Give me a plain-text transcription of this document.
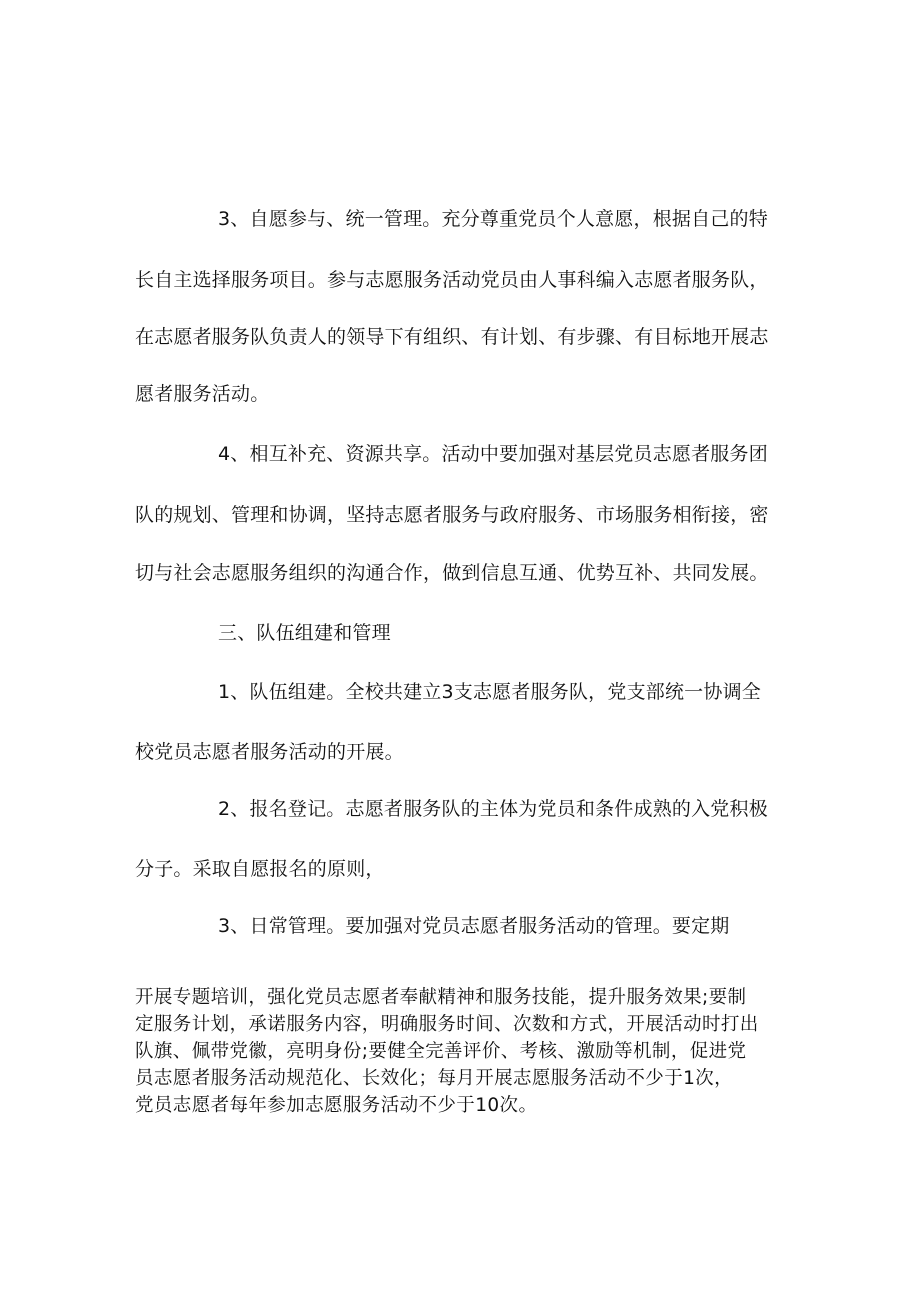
3、自愿参与、统一管理。充分尊重党员个人意愿，根据自己的特
长自主选择服务项目。参与志愿服务活动党员由人事科编入志愿者服务队，
在志愿者服务队负责人的领导下有组织、有计划、有步骤、有目标地开展志
愿者服务活动。
4、相互补充、资源共享。活动中要加强对基层党员志愿者服务团
队的规划、管理和协调，坚持志愿者服务与政府服务、市场服务相衔接，密
切与社会志愿服务组织的沟通合作，做到信息互通、优势互补、共同发展。
三、队伍组建和管理
1、队伍组建。全校共建立3支志愿者服务队，党支部统一协调全
校党员志愿者服务活动的开展。
2、报名登记。志愿者服务队的主体为党员和条件成熟的入党积极
分子。采取自愿报名的原则，
3、日常管理。要加强对党员志愿者服务活动的管理。要定期
开展专题培训，强化党员志愿者奉献精神和服务技能，提升服务效果;要制
定服务计划，承诺服务内容，明确服务时间、次数和方式，开展活动时打出
队旗、佩带党徽，亮明身份;要健全完善评价、考核、激励等机制，促进党
员志愿者服务活动规范化、长效化；每月开展志愿服务活动不少于1次，
党员志愿者每年参加志愿服务活动不少于10次。
